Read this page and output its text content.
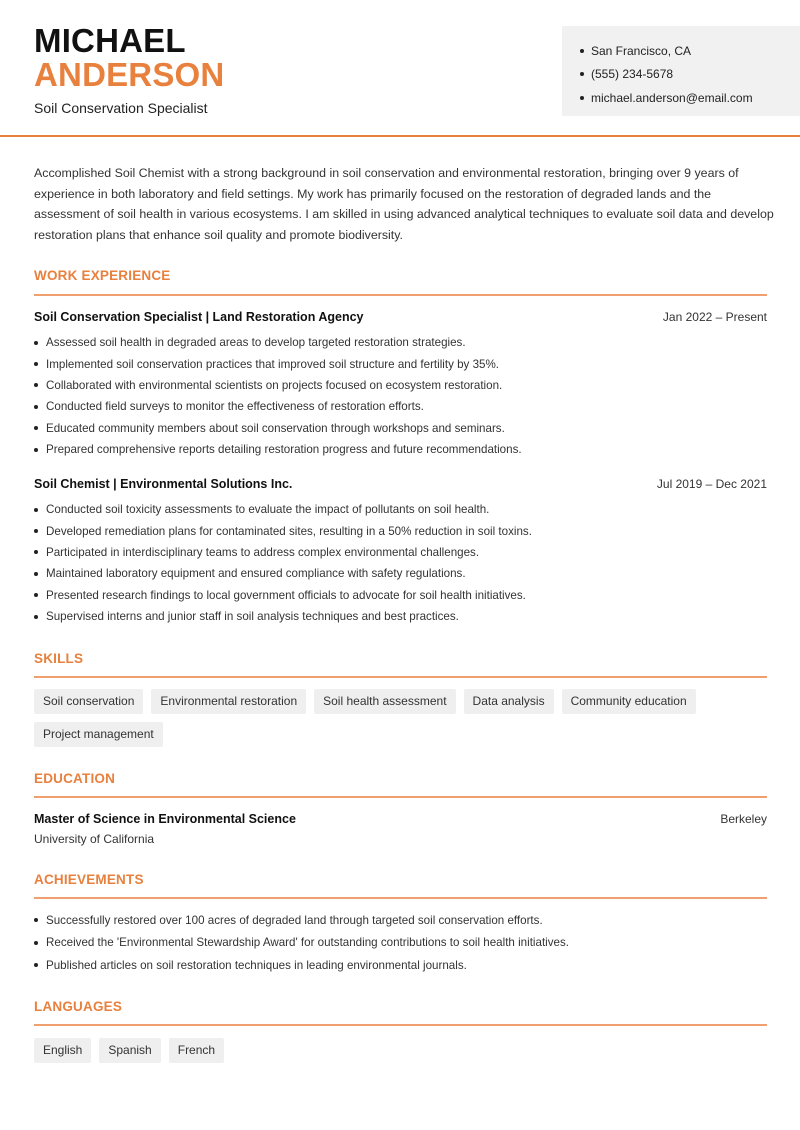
MICHAEL
ANDERSON
Soil Conservation Specialist
San Francisco, CA
(555) 234-5678
michael.anderson@email.com
Accomplished Soil Chemist with a strong background in soil conservation and environmental restoration, bringing over 9 years of experience in both laboratory and field settings. My work has primarily focused on the restoration of degraded lands and the assessment of soil health in various ecosystems. I am skilled in using advanced analytical techniques to evaluate soil data and develop restoration plans that enhance soil quality and promote biodiversity.
WORK EXPERIENCE
Soil Conservation Specialist | Land Restoration Agency	Jan 2022 – Present
Assessed soil health in degraded areas to develop targeted restoration strategies.
Implemented soil conservation practices that improved soil structure and fertility by 35%.
Collaborated with environmental scientists on projects focused on ecosystem restoration.
Conducted field surveys to monitor the effectiveness of restoration efforts.
Educated community members about soil conservation through workshops and seminars.
Prepared comprehensive reports detailing restoration progress and future recommendations.
Soil Chemist | Environmental Solutions Inc.	Jul 2019 – Dec 2021
Conducted soil toxicity assessments to evaluate the impact of pollutants on soil health.
Developed remediation plans for contaminated sites, resulting in a 50% reduction in soil toxins.
Participated in interdisciplinary teams to address complex environmental challenges.
Maintained laboratory equipment and ensured compliance with safety regulations.
Presented research findings to local government officials to advocate for soil health initiatives.
Supervised interns and junior staff in soil analysis techniques and best practices.
SKILLS
Soil conservation	Environmental restoration	Soil health assessment	Data analysis	Community education
Project management
EDUCATION
Master of Science in Environmental Science	Berkeley
University of California
ACHIEVEMENTS
Successfully restored over 100 acres of degraded land through targeted soil conservation efforts.
Received the 'Environmental Stewardship Award' for outstanding contributions to soil health initiatives.
Published articles on soil restoration techniques in leading environmental journals.
LANGUAGES
English	Spanish	French
